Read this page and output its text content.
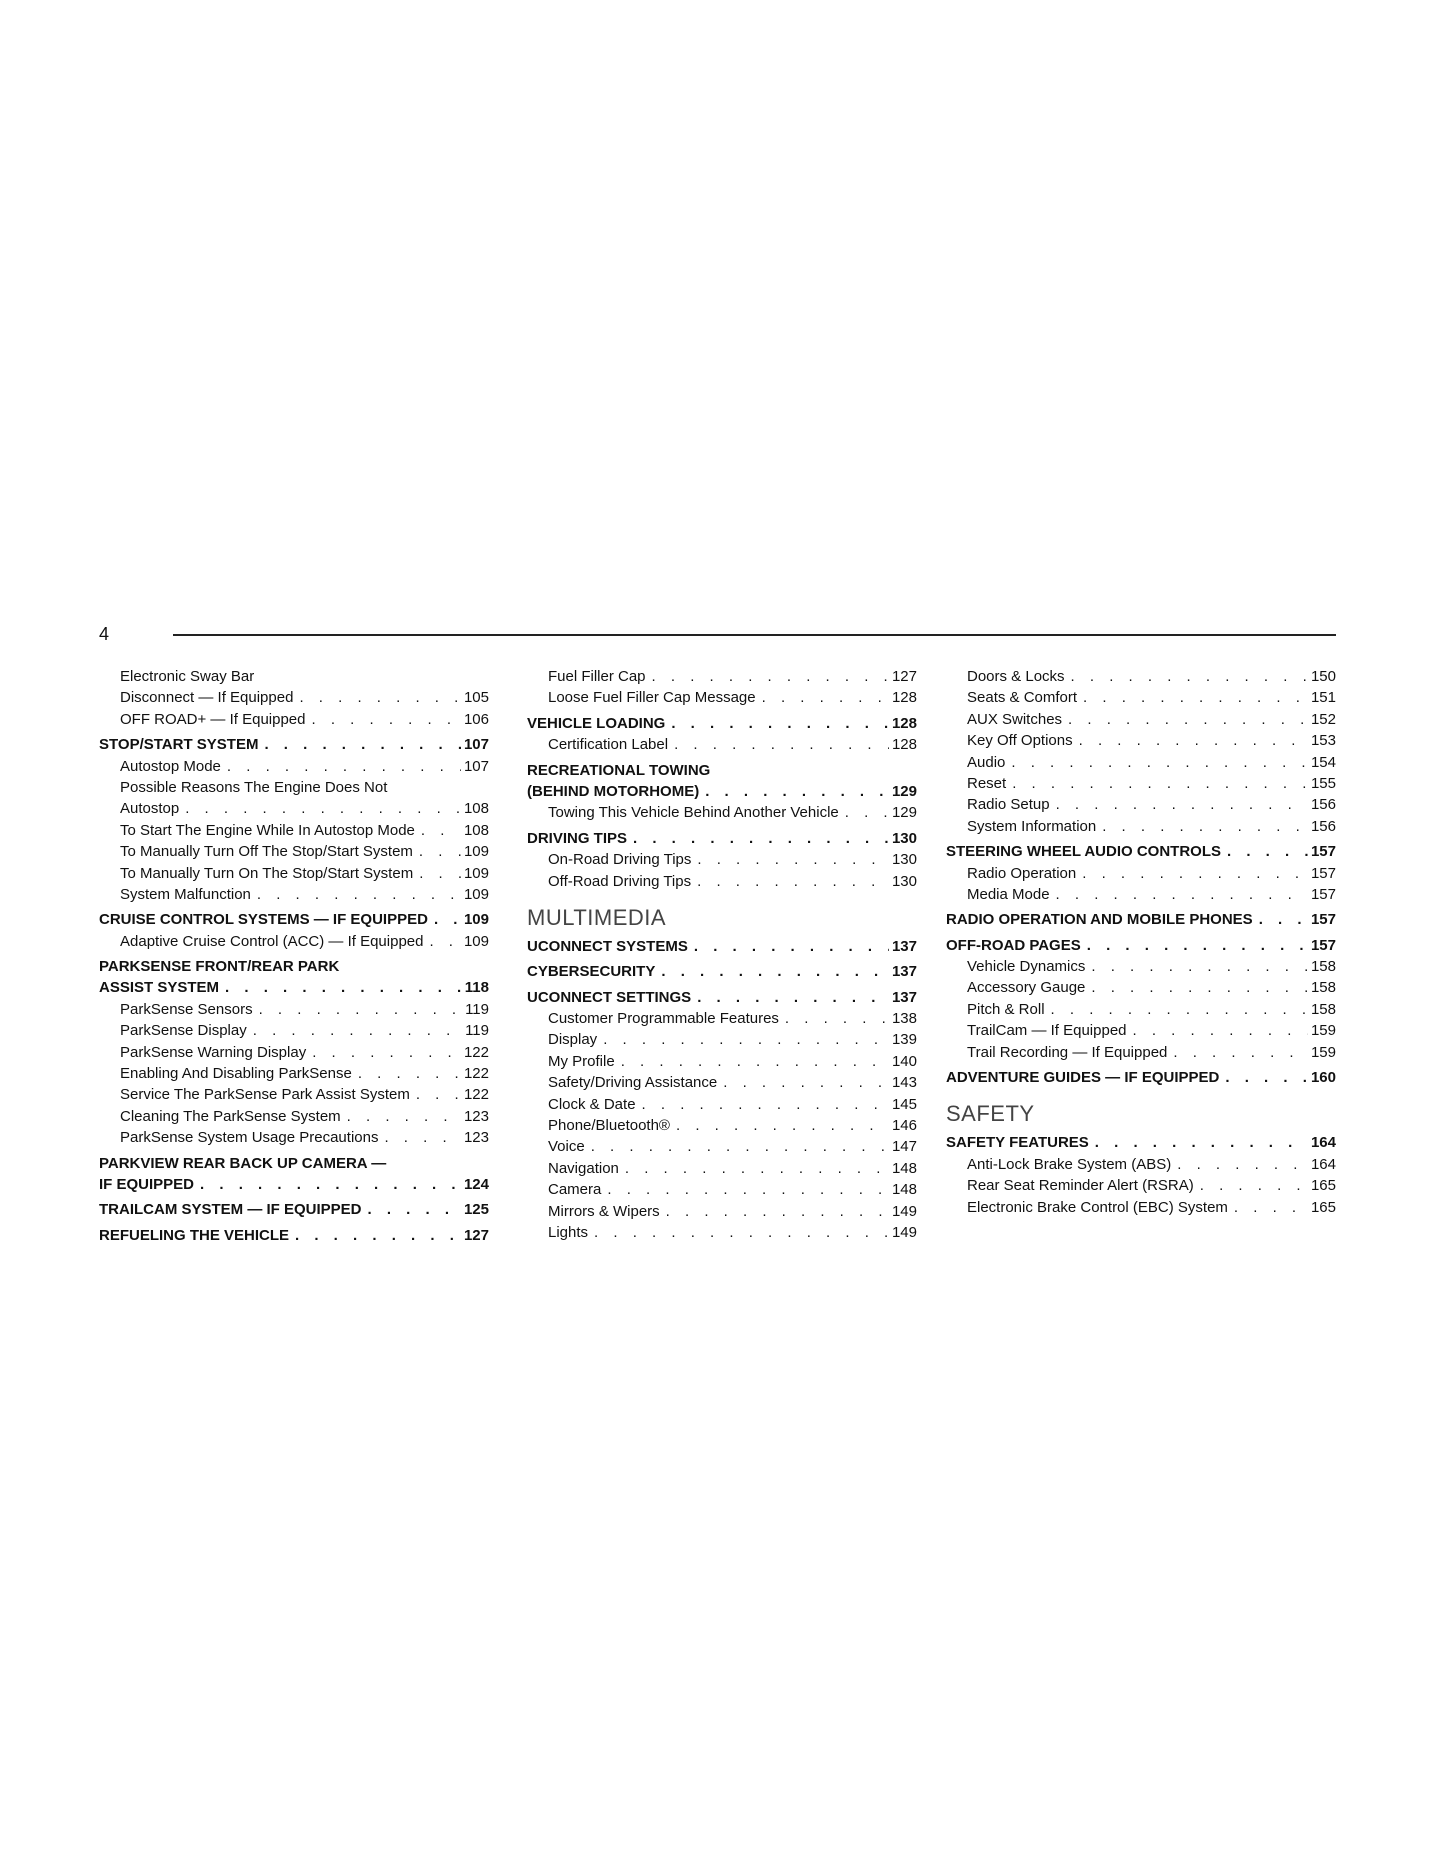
4
Electronic Sway Bar
Disconnect — If Equipped . . .	105
OFF ROAD+ — If Equipped . . .	106
STOP/START SYSTEM . . .	107
Autostop Mode . . .	107
Possible Reasons The Engine Does Not
Autostop . . .	108
To Start The Engine While In Autostop Mode . . .	108
To Manually Turn Off The Stop/Start System . . .	109
To Manually Turn On The Stop/Start System . . .	109
System Malfunction . . .	109
CRUISE CONTROL SYSTEMS — IF EQUIPPED . . . 109
Adaptive Cruise Control (ACC) — If Equipped . . .	109
PARKSENSE FRONT/REAR PARK
ASSIST SYSTEM . . .	118
ParkSense Sensors . . .	119
ParkSense Display . . .	119
ParkSense Warning Display . . .	122
Enabling And Disabling ParkSense . . .	122
Service The ParkSense Park Assist System . . .	122
Cleaning The ParkSense System . . .	123
ParkSense System Usage Precautions . . .	123
PARKVIEW REAR BACK UP CAMERA —
IF EQUIPPED . . .	124
TRAILCAM SYSTEM — IF EQUIPPED . . .	125
REFUELING THE VEHICLE . . .	127
Fuel Filler Cap . . .	127
Loose Fuel Filler Cap Message . . .	128
VEHICLE LOADING . . .	128
Certification Label . . .	128
RECREATIONAL TOWING
(BEHIND MOTORHOME) . . .	129
Towing This Vehicle Behind Another Vehicle . . .	129
DRIVING TIPS . . .	130
On-Road Driving Tips . . .	130
Off-Road Driving Tips . . .	130
MULTIMEDIA
UCONNECT SYSTEMS . . .	137
CYBERSECURITY . . .	137
UCONNECT SETTINGS . . .	137
Customer Programmable Features . . .	138
Display . . .	139
My Profile . . .	140
Safety/Driving Assistance . . .	143
Clock & Date . . .	145
Phone/Bluetooth® . . .	146
Voice . . .	147
Navigation . . .	148
Camera . . .	148
Mirrors & Wipers . . .	149
Lights . . .	149
Doors & Locks . . .	150
Seats & Comfort . . .	151
AUX Switches . . .	152
Key Off Options . . .	153
Audio . . .	154
Reset . . .	155
Radio Setup . . .	156
System Information . . .	156
STEERING WHEEL AUDIO CONTROLS . . .	157
Radio Operation . . .	157
Media Mode . . .	157
RADIO OPERATION AND MOBILE PHONES . . .	157
OFF-ROAD PAGES . . .	157
Vehicle Dynamics . . .	158
Accessory Gauge . . .	158
Pitch & Roll . . .	158
TrailCam — If Equipped . . .	159
Trail Recording — If Equipped . . .	159
ADVENTURE GUIDES — IF EQUIPPED . . .	160
SAFETY
SAFETY FEATURES . . .	164
Anti-Lock Brake System (ABS) . . .	164
Rear Seat Reminder Alert (RSRA) . . .	165
Electronic Brake Control (EBC) System . . .	165
